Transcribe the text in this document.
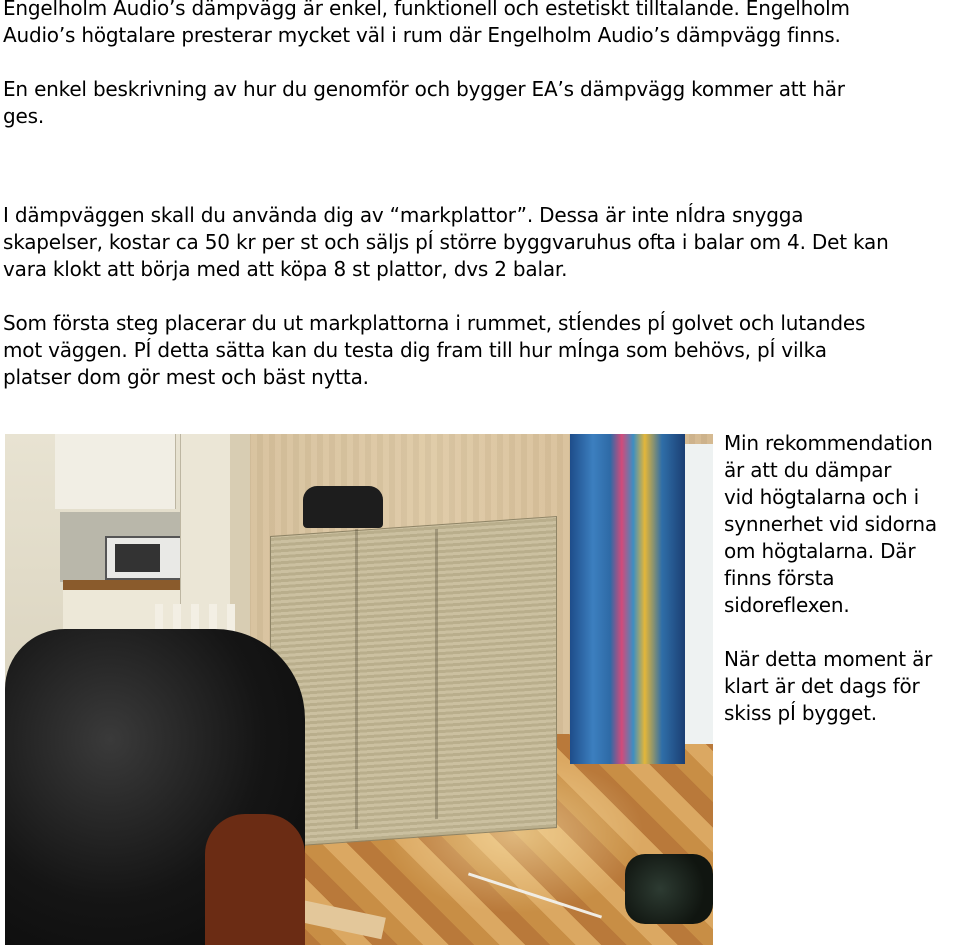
Engelholm Audio’s dämpvägg är enkel, funktionell och estetiskt tilltalande. Engelholm
Audio’s högtalare presterar mycket väl i rum där Engelholm Audio’s dämpvägg finns.

En enkel beskrivning av hur du genomför och bygger EA’s dämpvägg kommer att här
ges.

I dämpväggen skall du använda dig av “markplattor”. Dessa är inte nÍdra snygga
skapelser, kostar ca 50 kr per st och säljs pÍ större byggvaruhus ofta i balar om 4. Det kan
vara klokt att börja med att köpa 8 st plattor, dvs 2 balar.

Som första steg placerar du ut markplattorna i rummet, stÍendes pÍ golvet och lutandes
mot väggen. PÍ detta sätta kan du testa dig fram till hur mÍnga som behövs, pÍ vilka
platser dom gör mest och bäst nytta.

Min rekommendation
är att du dämpar
vid högtalarna och i
synnerhet vid sidorna
om högtalarna. Där
finns första
sidoreflexen.

När detta moment är
klart är det dags för
skiss pÍ bygget.
